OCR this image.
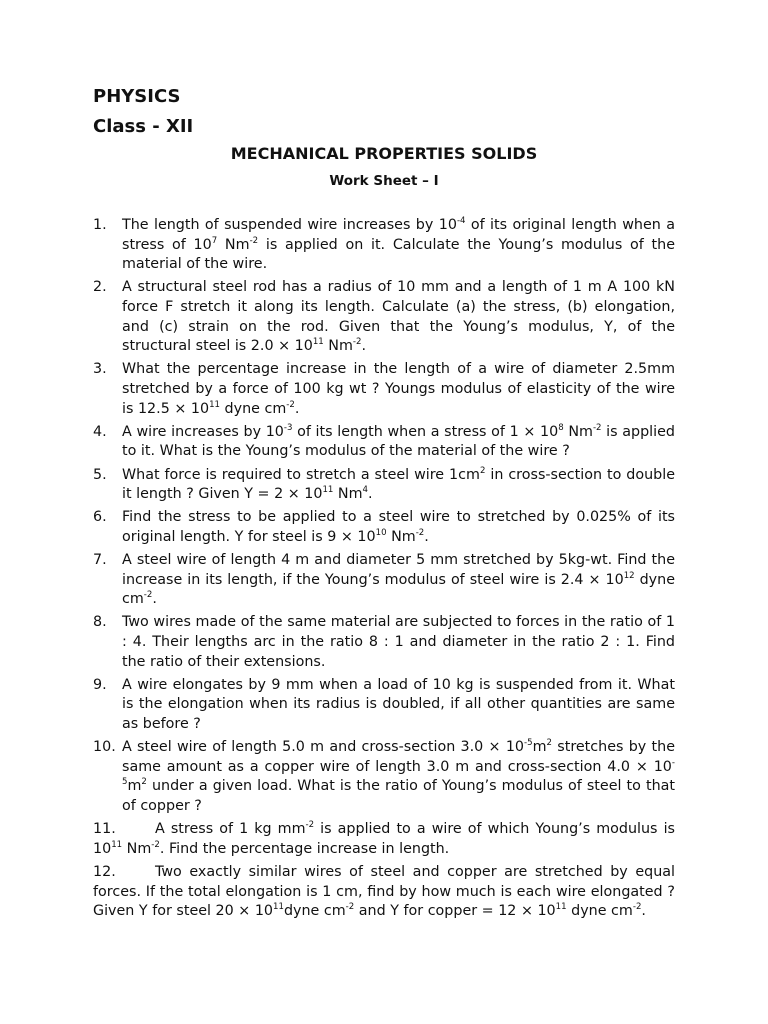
PHYSICS
Class - XII
MECHANICAL PROPERTIES SOLIDS
Work Sheet – I
1. The length of suspended wire increases by $10^{-4}$ of its original length when a stress of $10^7$ $Nm^{-2}$ is applied on it. Calculate the Young’s modulus of the material of the wire.
2. A structural steel rod has a radius of 10 mm and a length of 1 m A 100 kN force F stretch it along its length. Calculate (a) the stress, (b) elongation, and (c) strain on the rod. Given that the Young’s modulus, Y, of the structural steel is $2.0 \times 10^{11}$ $Nm^{-2}$.
3. What the percentage increase in the length of a wire of diameter 2.5mm stretched by a force of 100 kg wt ? Youngs modulus of elasticity of the wire is $12.5 \times 10^{11}$ dyne $cm^{-2}$.
4. A wire increases by $10^{-3}$ of its length when a stress of $1 \times 10^8$ $Nm^{-2}$ is applied to it. What is the Young’s modulus of the material of the wire ?
5. What force is required to stretch a steel wire $1cm^2$ in cross-section to double it length ? Given $Y = 2 \times 10^{11}$ Nm$^4$.
6. Find the stress to be applied to a steel wire to stretched by 0.025% of its original length. Y for steel is $9 \times 10^{10}$ $Nm^{-2}$.
7. A steel wire of length 4 m and diameter 5 mm stretched by 5kg-wt. Find the increase in its length, if the Young’s modulus of steel wire is $2.4 \times 10^{12}$ dyne $cm^{-2}$.
8. Two wires made of the same material are subjected to forces in the ratio of 1 : 4. Their lengths arc in the ratio 8 : 1 and diameter in the ratio 2 : 1. Find the ratio of their extensions.
9. A wire elongates by 9 mm when a load of 10 kg is suspended from it. What is the elongation when its radius is doubled, if all other quantities are same as before ?
10. A steel wire of length 5.0 m and cross-section $3.0 \times 10^{-5}m^2$ stretches by the same amount as a copper wire of length 3.0 m and cross-section $4.0 \times 10^{-5}m^2$ under a given load. What is the ratio of Young’s modulus of steel to that of copper ?
11.	A stress of 1 kg $mm^{-2}$ is applied to a wire of which Young’s modulus is $10^{11}$ $Nm^{-2}$. Find the percentage increase in length.
12.	Two exactly similar wires of steel and copper are stretched by equal forces. If the total elongation is 1 cm, find by how much is each wire elongated ? Given Y for steel $20 \times 10^{11}dyne$ $cm^{-2}$ and Y for copper = $12 \times 10^{11}$ dyne $cm^{-2}$.
